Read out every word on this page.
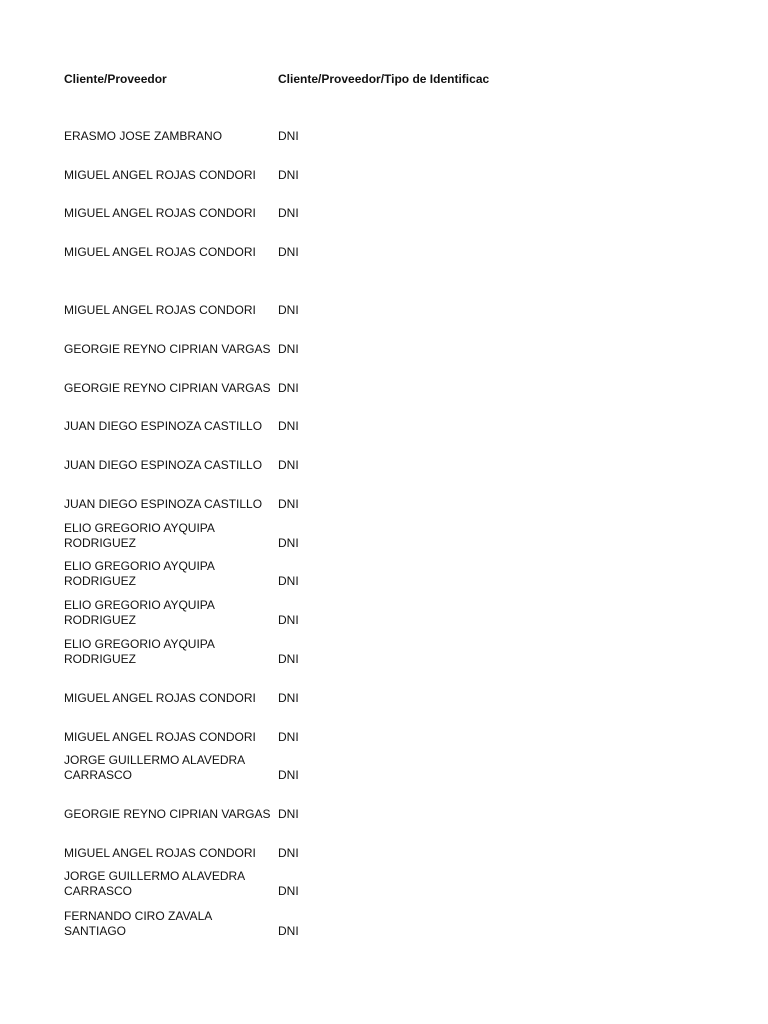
Cliente/Proveedor	Cliente/Proveedor/Tipo de Identificac
ERASMO JOSE ZAMBRANO	DNI
MIGUEL ANGEL ROJAS CONDORI	DNI
MIGUEL ANGEL ROJAS CONDORI	DNI
MIGUEL ANGEL ROJAS CONDORI	DNI
MIGUEL ANGEL ROJAS CONDORI	DNI
GEORGIE REYNO CIPRIAN VARGAS DNI
GEORGIE REYNO CIPRIAN VARGAS DNI
JUAN DIEGO ESPINOZA CASTILLO	DNI
JUAN DIEGO ESPINOZA CASTILLO	DNI
JUAN DIEGO ESPINOZA CASTILLO	DNI
ELIO GREGORIO AYQUIPA
RODRIGUEZ	DNI
ELIO GREGORIO AYQUIPA
RODRIGUEZ	DNI
ELIO GREGORIO AYQUIPA
RODRIGUEZ	DNI
ELIO GREGORIO AYQUIPA
RODRIGUEZ	DNI
MIGUEL ANGEL ROJAS CONDORI	DNI
MIGUEL ANGEL ROJAS CONDORI	DNI
JORGE GUILLERMO ALAVEDRA
CARRASCO	DNI
GEORGIE REYNO CIPRIAN VARGAS DNI
MIGUEL ANGEL ROJAS CONDORI	DNI
JORGE GUILLERMO ALAVEDRA
CARRASCO	DNI
FERNANDO CIRO ZAVALA SANTIAGO	DNI
